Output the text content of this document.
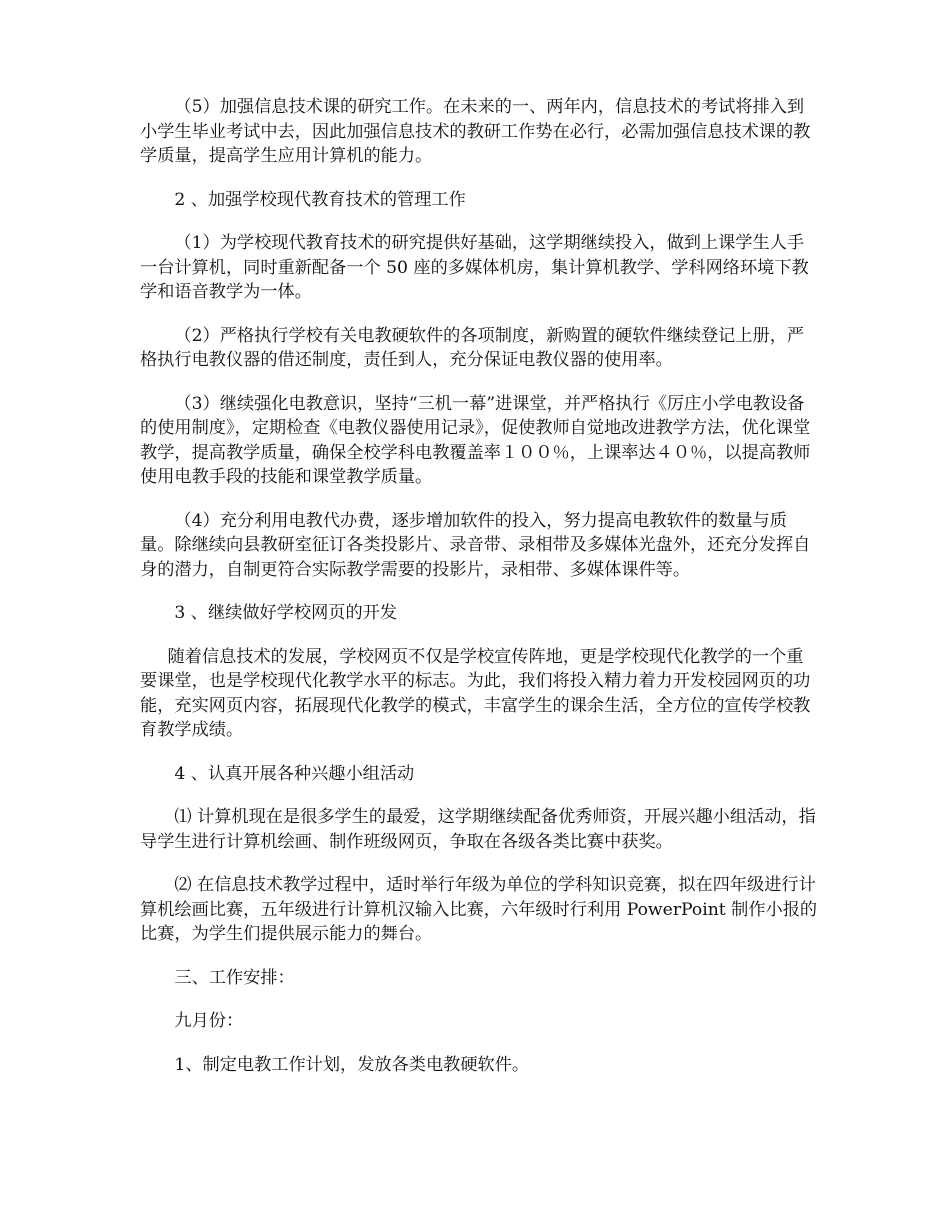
（5）加强信息技术课的研究工作。在未来的一、两年内，信息技术的考试将排入到小学生毕业考试中去，因此加强信息技术的教研工作势在必行，必需加强信息技术课的教学质量，提高学生应用计算机的能力。

2 、加强学校现代教育技术的管理工作

（1）为学校现代教育技术的研究提供好基础，这学期继续投入，做到上课学生人手一台计算机，同时重新配备一个 50 座的多媒体机房，集计算机教学、学科网络环境下教学和语音教学为一体。

（2）严格执行学校有关电教硬软件的各项制度，新购置的硬软件继续登记上册，严格执行电教仪器的借还制度，责任到人，充分保证电教仪器的使用率。

（3）继续强化电教意识，坚持“三机一幕”进课堂，并严格执行《厉庄小学电教设备的使用制度》，定期检查《电教仪器使用记录》，促使教师自觉地改进教学方法，优化课堂教学，提高教学质量，确保全校学科电教覆盖率１００％，上课率达４０％，以提高教师使用电教手段的技能和课堂教学质量。

（4）充分利用电教代办费，逐步增加软件的投入，努力提高电教软件的数量与质量。除继续向县教研室征订各类投影片、录音带、录相带及多媒体光盘外，还充分发挥自身的潜力，自制更符合实际教学需要的投影片，录相带、多媒体课件等。

3 、继续做好学校网页的开发

随着信息技术的发展，学校网页不仅是学校宣传阵地，更是学校现代化教学的一个重要课堂，也是学校现代化教学水平的标志。为此，我们将投入精力着力开发校园网页的功能，充实网页内容，拓展现代化教学的模式，丰富学生的课余生活，全方位的宣传学校教育教学成绩。

4 、认真开展各种兴趣小组活动

⑴ 计算机现在是很多学生的最爱，这学期继续配备优秀师资，开展兴趣小组活动，指导学生进行计算机绘画、制作班级网页，争取在各级各类比赛中获奖。

⑵ 在信息技术教学过程中，适时举行年级为单位的学科知识竞赛，拟在四年级进行计算机绘画比赛，五年级进行计算机汉输入比赛，六年级时行利用 PowerPoint 制作小报的比赛，为学生们提供展示能力的舞台。

三、工作安排：

九月份：

1、制定电教工作计划，发放各类电教硬软件。
